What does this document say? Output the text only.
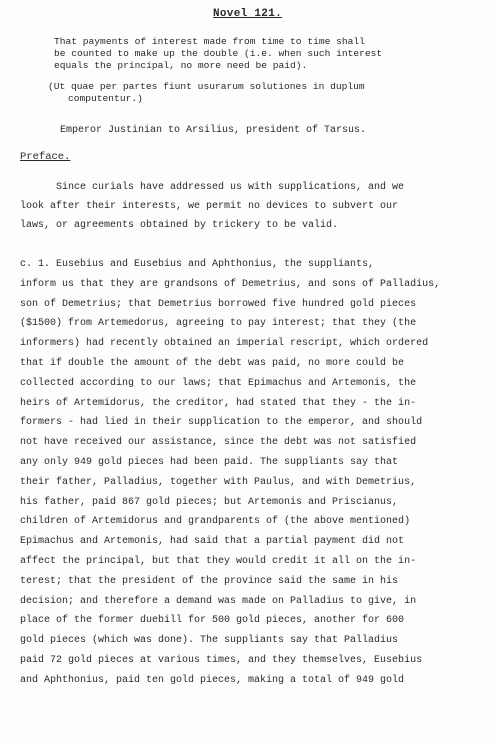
Novel 121.
That payments of interest made from time to time shall
be counted to make up the double (i.e. when such interest
equals the principal, no more need be paid).
(Ut quae per partes fiunt usurarum solutiones in duplum
computentur.)
Emperor Justinian to Arsilius, president of Tarsus.
Preface.
Since curials have addressed us with supplications, and we
look after their interests, we permit no devices to subvert our
laws, or agreements obtained by trickery to be valid.
c. 1. Eusebius and Eusebius and Aphthonius, the suppliants,
inform us that they are grandsons of Demetrius, and sons of Palladius,
son of Demetrius; that Demetrius borrowed five hundred gold pieces
($1500) from Artemedorus, agreeing to pay interest; that they (the
informers) had recently obtained an imperial rescript, which ordered
that if double the amount of the debt was paid, no more could be
collected according to our laws; that Epimachus and Artemonis, the
heirs of Artemidorus, the creditor, had stated that they - the in-
formers - had lied in their supplication to the emperor, and should
not have received our assistance, since the debt was not satisfied
any only 949 gold pieces had been paid. The suppliants say that
their father, Palladius, together with Paulus, and with Demetrius,
his father, paid 867 gold pieces; but Artemonis and Priscianus,
children of Artemidorus and grandparents of (the above mentioned)
Epimachus and Artemonis, had said that a partial payment did not
affect the principal, but that they would credit it all on the in-
terest; that the president of the province said the same in his
decision; and therefore a demand was made on Palladius to give, in
place of the former duebill for 500 gold pieces, another for 600
gold pieces (which was done). The suppliants say that Palladius
paid 72 gold pieces at various times, and they themselves, Eusebius
and Aphthonius, paid ten gold pieces, making a total of 949 gold
